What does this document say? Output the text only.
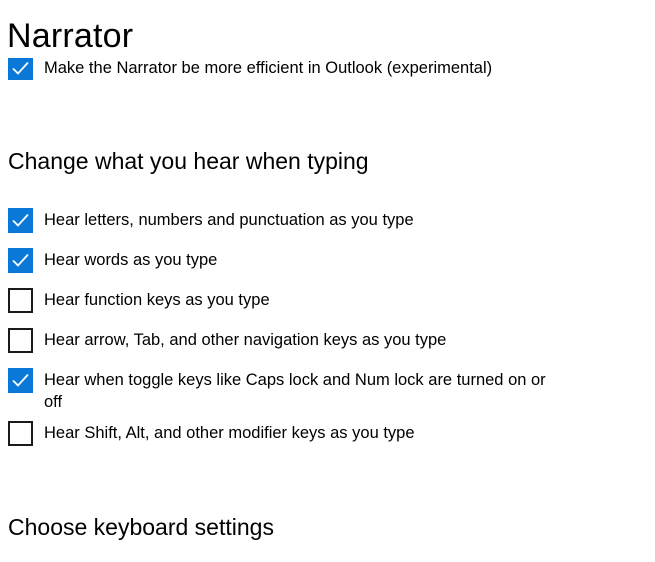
Narrator
Make the Narrator be more efficient in Outlook (experimental)
Change what you hear when typing
Hear letters, numbers and punctuation as you type
Hear words as you type
Hear function keys as you type
Hear arrow, Tab, and other navigation keys as you type
Hear when toggle keys like Caps lock and Num lock are turned on or off
Hear Shift, Alt, and other modifier keys as you type
Choose keyboard settings
